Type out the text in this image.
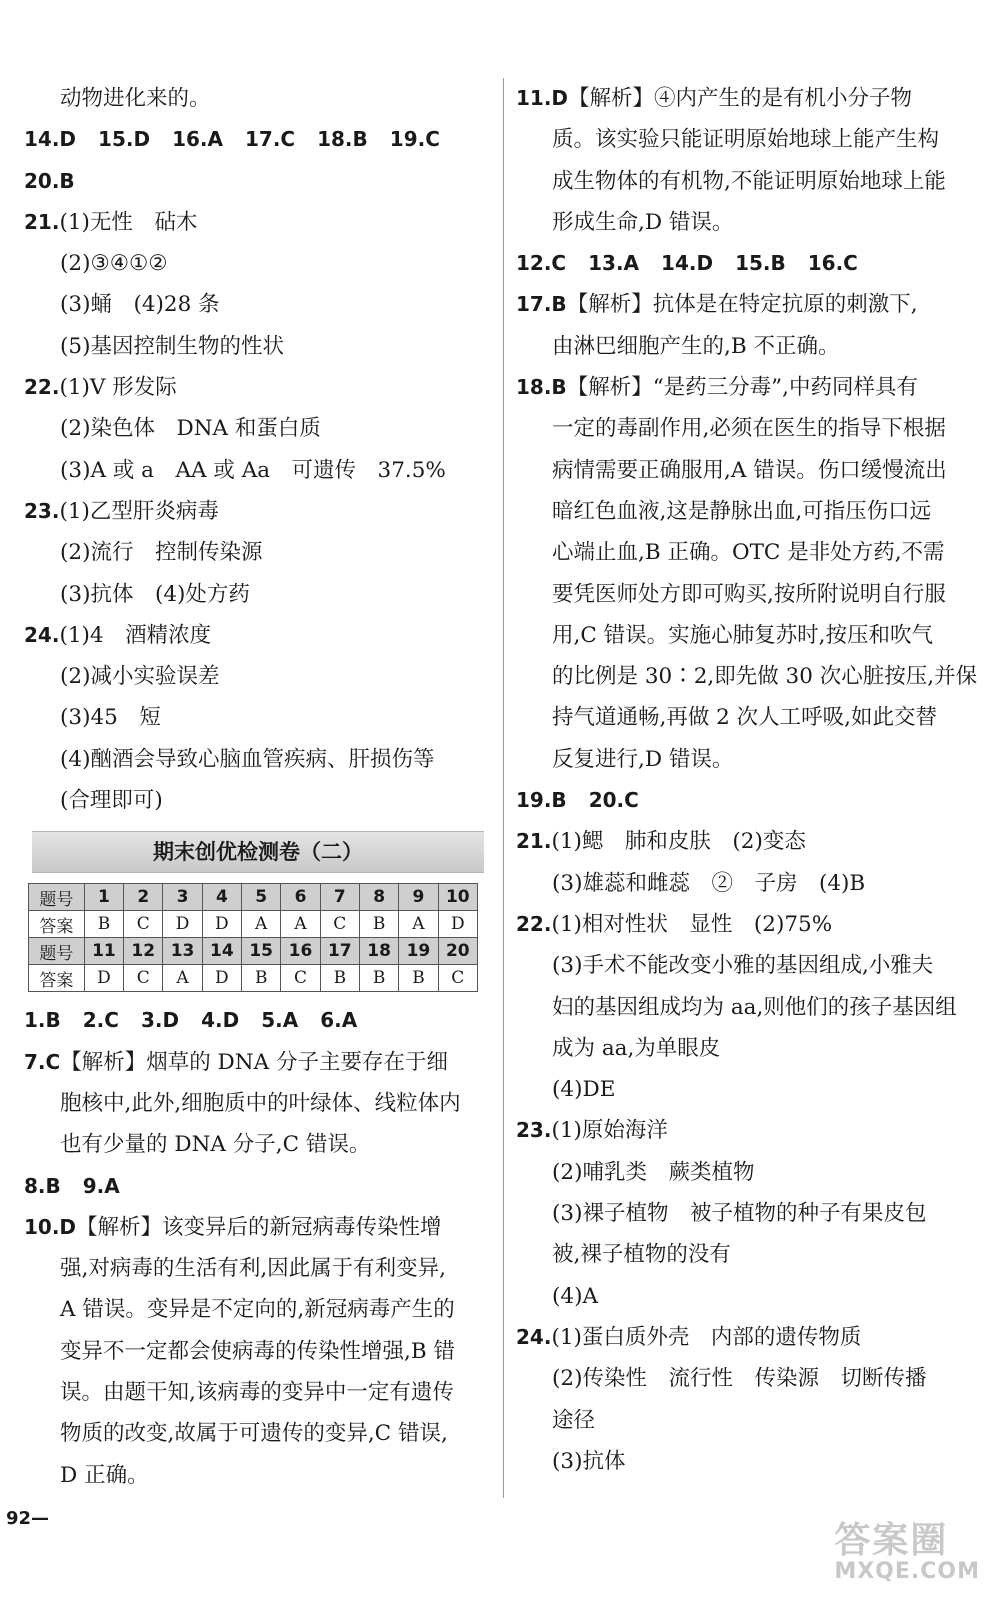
动物进化来的。
14.D 15.D 16.A 17.C 18.B 19.C
20.B
21.(1)无性　砧木
(2)③④①②
(3)蛹　(4)28 条
(5)基因控制生物的性状
22.(1)V 形发际
(2)染色体　DNA 和蛋白质
(3)A 或 a　AA 或 Aa　可遗传　37.5%
23.(1)乙型肝炎病毒
(2)流行　控制传染源
(3)抗体　(4)处方药
24.(1)4　酒精浓度
(2)减小实验误差
(3)45　短
(4)酗酒会导致心脑血管疾病、肝损伤等
(合理即可)
期末创优检测卷（二）
题号	1	2	3	4	5	6	7	8	9	10
答案	B	C	D	D	A	A	C	B	A	D
题号	11	12	13	14	15	16	17	18	19	20
答案	D	C	A	D	B	C	B	B	B	C
1.B 2.C 3.D 4.D 5.A 6.A
7.C【解析】烟草的 DNA 分子主要存在于细
胞核中,此外,细胞质中的叶绿体、线粒体内
也有少量的 DNA 分子,C 错误。
8.B 9.A
10.D【解析】该变异后的新冠病毒传染性增
强,对病毒的生活有利,因此属于有利变异,
A 错误。变异是不定向的,新冠病毒产生的
变异不一定都会使病毒的传染性增强,B 错
误。由题干知,该病毒的变异中一定有遗传
物质的改变,故属于可遗传的变异,C 错误,
D 正确。
11.D【解析】④内产生的是有机小分子物
质。该实验只能证明原始地球上能产生构
成生物体的有机物,不能证明原始地球上能
形成生命,D 错误。
12.C 13.A 14.D 15.B 16.C
17.B【解析】抗体是在特定抗原的刺激下,
由淋巴细胞产生的,B 不正确。
18.B【解析】“是药三分毒”,中药同样具有
一定的毒副作用,必须在医生的指导下根据
病情需要正确服用,A 错误。伤口缓慢流出
暗红色血液,这是静脉出血,可指压伤口远
心端止血,B 正确。OTC 是非处方药,不需
要凭医师处方即可购买,按所附说明自行服
用,C 错误。实施心肺复苏时,按压和吹气
的比例是 30∶2,即先做 30 次心脏按压,并保
持气道通畅,再做 2 次人工呼吸,如此交替
反复进行,D 错误。
19.B 20.C
21.(1)鳃　肺和皮肤　(2)变态
(3)雄蕊和雌蕊　②　子房　(4)B
22.(1)相对性状　显性　(2)75%
(3)手术不能改变小雅的基因组成,小雅夫
妇的基因组成均为 aa,则他们的孩子基因组
成为 aa,为单眼皮
(4)DE
23.(1)原始海洋
(2)哺乳类　蕨类植物
(3)裸子植物　被子植物的种子有果皮包
被,裸子植物的没有
(4)A
24.(1)蛋白质外壳　内部的遗传物质
(2)传染性　流行性　传染源　切断传播
途径
(3)抗体
92—
答案圈
MXQE.COM
